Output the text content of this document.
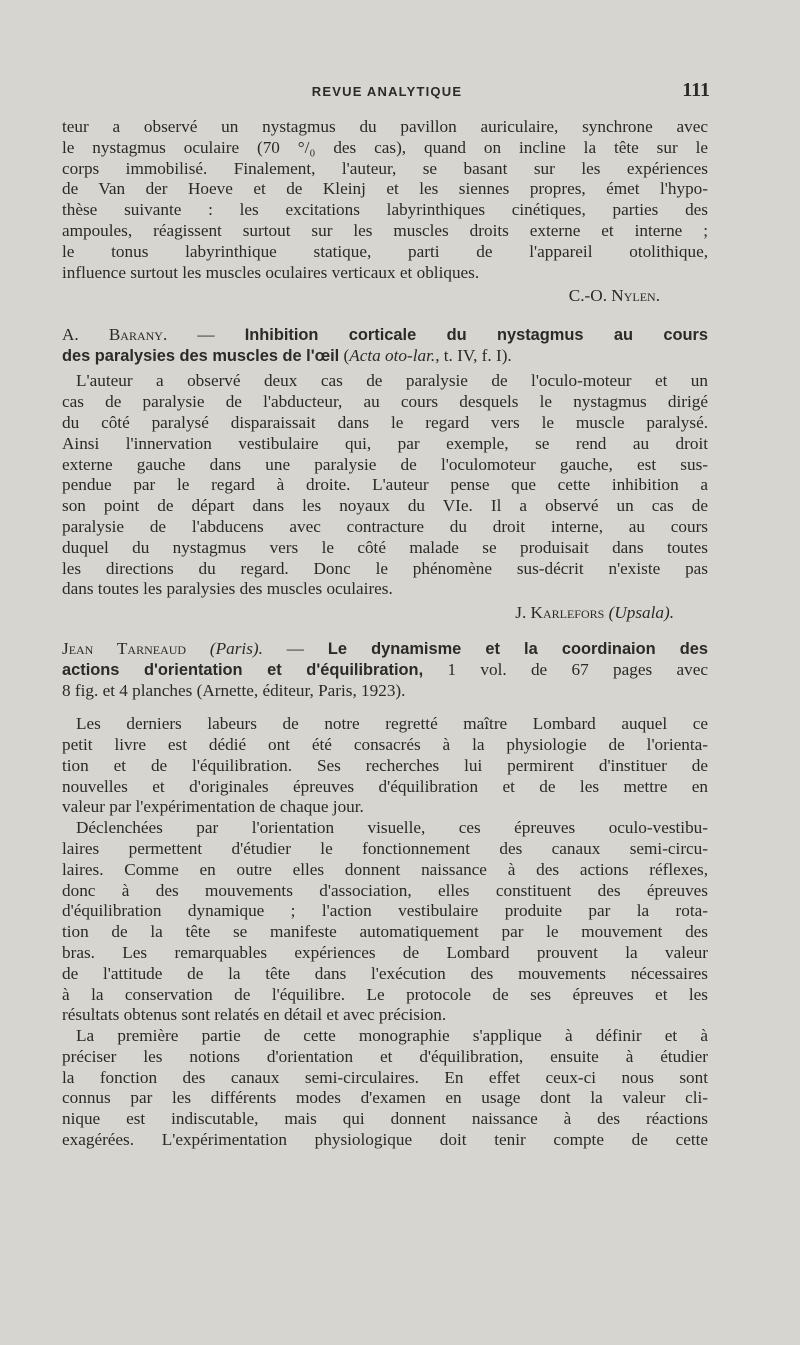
REVUE ANALYTIQUE	111
teur a observé un nystagmus du pavillon auriculaire, synchrone avec
le nystagmus oculaire (70 °/₀ des cas), quand on incline la tête sur le
corps immobilisé. Finalement, l'auteur, se basant sur les expériences
de Van der Hoeve et de Kleinj et les siennes propres, émet l'hypo-
thèse suivante : les excitations labyrinthiques cinétiques, parties des
ampoules, réagissent surtout sur les muscles droits externe et interne ;
le tonus labyrinthique statique, parti de l'appareil otolithique,
influence surtout les muscles oculaires verticaux et obliques.
C.-O. Nylen.
A. Barany. — Inhibition corticale du nystagmus au cours
des paralysies des muscles de l'œil (Acta oto-lar., t. IV, f. I).
L'auteur a observé deux cas de paralysie de l'oculo-moteur et un
cas de paralysie de l'abducteur, au cours desquels le nystagmus dirigé
du côté paralysé disparaissait dans le regard vers le muscle paralysé.
Ainsi l'innervation vestibulaire qui, par exemple, se rend au droit
externe gauche dans une paralysie de l'oculomoteur gauche, est sus-
pendue par le regard à droite. L'auteur pense que cette inhibition a
son point de départ dans les noyaux du VIe. Il a observé un cas de
paralysie de l'abducens avec contracture du droit interne, au cours
duquel du nystagmus vers le côté malade se produisait dans toutes
les directions du regard. Donc le phénomène sus-décrit n'existe pas
dans toutes les paralysies des muscles oculaires.
J. Karlefors (Upsala).
Jean Tarneaud (Paris). — Le dynamisme et la coordinaion des
actions d'orientation et d'équilibration, 1 vol. de 67 pages avec
8 fig. et 4 planches (Arnette, éditeur, Paris, 1923).
Les derniers labeurs de notre regretté maître Lombard auquel ce
petit livre est dédié ont été consacrés à la physiologie de l'orienta-
tion et de l'équilibration. Ses recherches lui permirent d'instituer de
nouvelles et d'originales épreuves d'équilibration et de les mettre en
valeur par l'expérimentation de chaque jour.
Déclenchées par l'orientation visuelle, ces épreuves oculo-vestibu-
laires permettent d'étudier le fonctionnement des canaux semi-circu-
laires. Comme en outre elles donnent naissance à des actions réflexes,
donc à des mouvements d'association, elles constituent des épreuves
d'équilibration dynamique ; l'action vestibulaire produite par la rota-
tion de la tête se manifeste automatiquement par le mouvement des
bras. Les remarquables expériences de Lombard prouvent la valeur
de l'attitude de la tête dans l'exécution des mouvements nécessaires
à la conservation de l'équilibre. Le protocole de ses épreuves et les
résultats obtenus sont relatés en détail et avec précision.
La première partie de cette monographie s'applique à définir et à
préciser les notions d'orientation et d'équilibration, ensuite à étudier
la fonction des canaux semi-circulaires. En effet ceux-ci nous sont
connus par les différents modes d'examen en usage dont la valeur cli-
nique est indiscutable, mais qui donnent naissance à des réactions
exagérées. L'expérimentation physiologique doit tenir compte de cette
